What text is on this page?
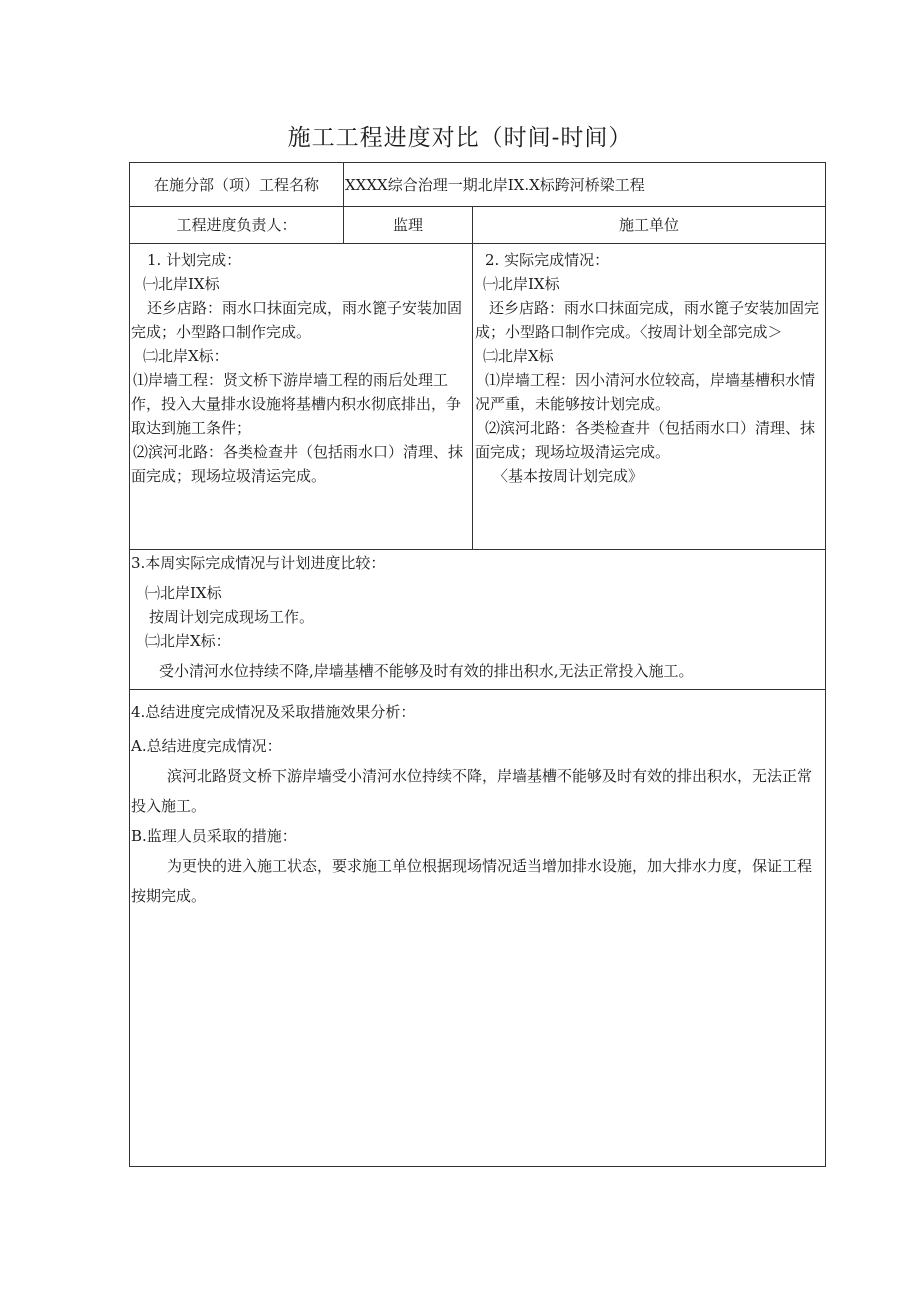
施工工程进度对比（时间-时间）
在施分部（项）工程名称 XXXX综合治理一期北岸IX.X标跨河桥梁工程
工程进度负责人：	监理	施工单位
1. 计划完成：
㈠北岸IX标
还乡店路：雨水口抹面完成，雨水篦子安装加固完成；小型路口制作完成。
㈡北岸X标：
⑴岸墙工程：贤文桥下游岸墙工程的雨后处理工作，投入大量排水设施将基槽内积水彻底排出，争取达到施工条件；
⑵滨河北路：各类检查井（包括雨水口）清理、抹面完成；现场垃圾清运完成。
2. 实际完成情况：
㈠北岸IX标
还乡店路：雨水口抹面完成，雨水篦子安装加固完成；小型路口制作完成。〈按周计划全部完成＞
㈡北岸X标
⑴岸墙工程：因小清河水位较高，岸墙基槽积水情况严重，未能够按计划完成。
⑵滨河北路：各类检查井（包括雨水口）清理、抹面完成；现场垃圾清运完成。
〈基本按周计划完成》
3.本周实际完成情况与计划进度比较：
㈠北岸IX标
按周计划完成现场工作。
㈡北岸X标：
受小清河水位持续不降,岸墙基槽不能够及时有效的排出积水,无法正常投入施工。
4.总结进度完成情况及采取措施效果分析：
A.总结进度完成情况：
滨河北路贤文桥下游岸墙受小清河水位持续不降，岸墙基槽不能够及时有效的排出积水，无法正常投入施工。
B.监理人员采取的措施：
为更快的进入施工状态，要求施工单位根据现场情况适当增加排水设施，加大排水力度，保证工程按期完成。
